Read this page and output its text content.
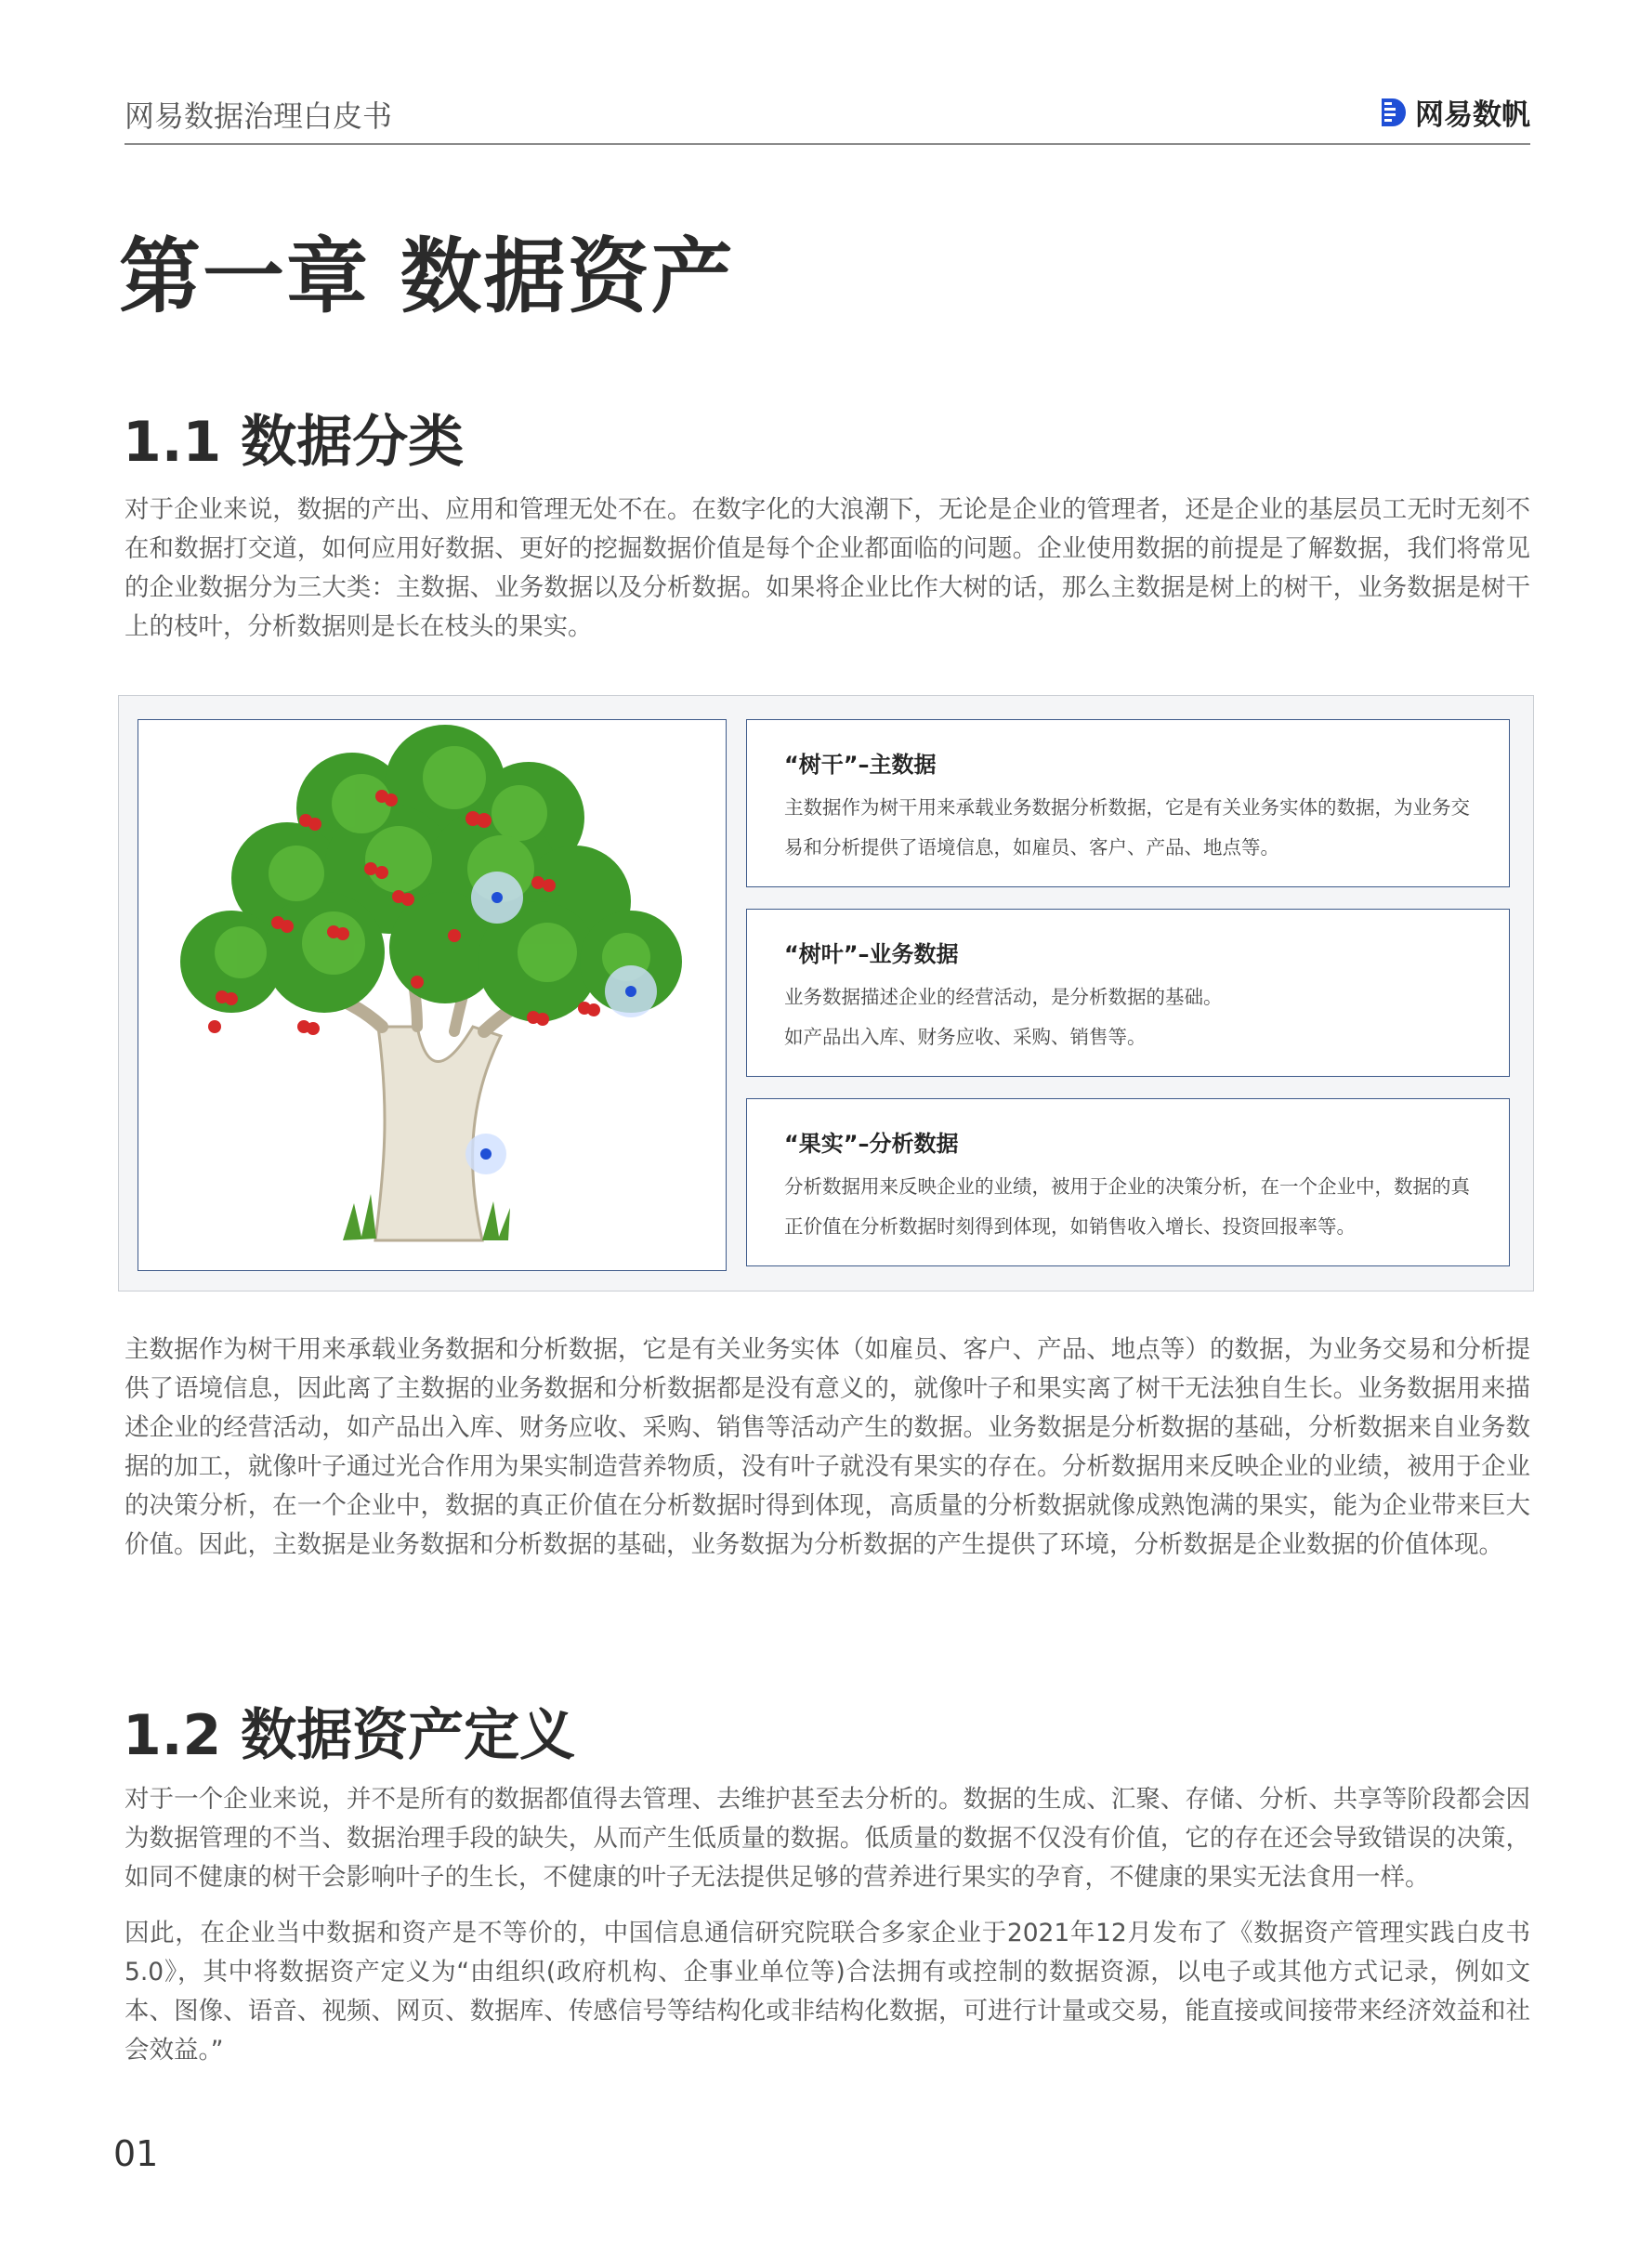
网易数据治理白皮书	网易数帆
第一章 数据资产
1.1 数据分类
对于企业来说，数据的产出、应用和管理无处不在。在数字化的大浪潮下，无论是企业的管理者，还是企业的基层员工无时无刻不在和数据打交道，如何应用好数据、更好的挖掘数据价值是每个企业都面临的问题。企业使用数据的前提是了解数据，我们将常见的企业数据分为三大类：主数据、业务数据以及分析数据。如果将企业比作大树的话，那么主数据是树上的树干，业务数据是树干上的枝叶，分析数据则是长在枝头的果实。
“树干”–主数据
主数据作为树干用来承载业务数据分析数据，它是有关业务实体的数据，为业务交易和分析提供了语境信息，如雇员、客户、产品、地点等。
“树叶”–业务数据
业务数据描述企业的经营活动，是分析数据的基础。
如产品出入库、财务应收、采购、销售等。
“果实”–分析数据
分析数据用来反映企业的业绩，被用于企业的决策分析，在一个企业中，数据的真正价值在分析数据时刻得到体现，如销售收入增长、投资回报率等。
主数据作为树干用来承载业务数据和分析数据，它是有关业务实体（如雇员、客户、产品、地点等）的数据，为业务交易和分析提供了语境信息，因此离了主数据的业务数据和分析数据都是没有意义的，就像叶子和果实离了树干无法独自生长。业务数据用来描述企业的经营活动，如产品出入库、财务应收、采购、销售等活动产生的数据。业务数据是分析数据的基础，分析数据来自业务数据的加工，就像叶子通过光合作用为果实制造营养物质，没有叶子就没有果实的存在。分析数据用来反映企业的业绩，被用于企业的决策分析，在一个企业中，数据的真正价值在分析数据时得到体现，高质量的分析数据就像成熟饱满的果实，能为企业带来巨大价值。因此，主数据是业务数据和分析数据的基础，业务数据为分析数据的产生提供了环境，分析数据是企业数据的价值体现。
1.2 数据资产定义
对于一个企业来说，并不是所有的数据都值得去管理、去维护甚至去分析的。数据的生成、汇聚、存储、分析、共享等阶段都会因为数据管理的不当、数据治理手段的缺失，从而产生低质量的数据。低质量的数据不仅没有价值，它的存在还会导致错误的决策，如同不健康的树干会影响叶子的生长，不健康的叶子无法提供足够的营养进行果实的孕育，不健康的果实无法食用一样。
因此，在企业当中数据和资产是不等价的，中国信息通信研究院联合多家企业于2021年12月发布了《数据资产管理实践白皮书5.0》，其中将数据资产定义为“由组织(政府机构、企事业单位等)合法拥有或控制的数据资源，以电子或其他方式记录，例如文本、图像、语音、视频、网页、数据库、传感信号等结构化或非结构化数据，可进行计量或交易，能直接或间接带来经济效益和社会效益。”
01
